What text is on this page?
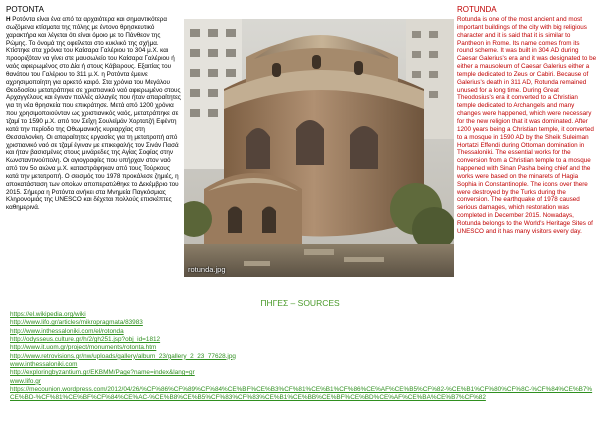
ΡΟΤΟΝΤΑ

Η Ροτόντα είναι ένα από τα αρχαιότερα και σημαντικότερα σωζόμενα κτίσματα της πόλης με έντονο θρησκευτικό χαρακτήρα και λέγεται ότι είναι όμοιο με το Πάνθεον της Ρώμης. Το όνομά της οφείλεται στο κυκλικό της σχήμα. Κτίστηκε στα χρόνια του Καίσαρα Γαλέριου το 304 μ.Χ. και προοριζόταν να γίνει στε μαυσωλείο του Καίσαρα Γαλέριου ή ναός αφιερωμένος στο Δία ή στους Κάβειρους. Εξαιτίας του θανάτου του Γαλέριου το 311 μ.Χ. η Ροτόντα έμεινε αχρησιμοποίητη για αρκετό καιρό. Στα χρόνια του Μεγάλου Θεοδοσίου μετατράπηκε σε χριστιανικό ναό αφιερωμένο στους Αρχαγγέλους και έγιναν πολλές αλλαγές που ήταν απαραίτητες για τη νέα θρησκεία που επικράτησε. Μετά από 1200 χρόνια που χρησιμοποιούνταν ως χριστιανικός ναός, μετατράπηκε σε τζαμί το 1590 μ.Χ. από τον Σεΐχη Σουλεϊμάν Χορτατζή Εφέντη κατά την περίοδο της Οθωμανικής κυριαρχίας στη Θεσσαλονίκη. Οι απαραίτητες εργασίες για τη μετατροπή από χριστιανικό ναό σε τζαμί έγιναν με επικεφαλής τον Σινάν Πασά και ήταν βασισμένες στους μινάρεδες της Αγίας Σοφίας στην Κωνσταντινούπολη. Οι αγιογραφίες που υπήρχαν στον ναό από τον 5ο αιώνα μ.Χ. καταστράφηκαν από τους Τούρκους κατά την μετατροπή. Ο σεισμός του 1978 προκάλεσε ζημιές, η αποκατάσταση των οποίων αποπερατώθηκε το Δεκέμβριο του 2015. Σήμερα η Ροτόντα ανήκει στα Μνημεία Παγκόσμιας Κληρονομιάς της UNESCO και δέχεται πολλούς επισκέπτες καθημερινά.

rotunda.jpg
ROTUNDA

Rotunda is one of the most ancient and most important buildings of the city with big religious character and it is said that it is similar to Pantheon in Rome. Its name comes from its round scheme. It was built in 304 AD during Caesar Galerius's era and it was designated to be either a mausoleum of Caesar Galerius either a temple dedicated to Zeus or Cabiri. Because of Galerius's death in 311 AD, Rotunda remained unused for a long time. During Great Theodosius's era it converted to a Christian temple dedicated to Archangels and many changes were happened, which were necessary for the new religion that it was dominated. After 1200 years being a Christian temple, it converted to a mosque in 1590 AD by the Sheik Suleiman Hortatzi Effendi during Ottoman domination in Thessaloniki. The essential works for the conversion from a Christian temple to a mosque happened with Sinan Pasha being chief and the works were based on the minarets of Hagia Sophia in Constantinople. The icons over there were destroyed by the Turks during the conversion. The earthquake of 1978 caused serious damages, which restoration was completed in December 2015. Nowadays, Rotunda belongs to the World's Heritage Sites of UNESCO and it has many visitors every day.

ΠΗΓΕΣ – SOURCES
https://el.wikipedia.org/wiki
http://www.lifo.gr/articles/mikropragmata/83983
http://www.inthessaloniki.com/el/rotonda
http://odysseus.culture.gr/h/2/gh251.jsp?obj_id=1812
http://www.it.uom.gr/project/monuments/rotonta.htm
http://www.retrovisions.gr/nw/uploads/gallery/album_23/gallery_2_23_77628.jpg
www.inthessaloniki.com
http://exploringbyzantium.gr/EKBMM/Page?name=index&lang=gr
www.lifo.gr
https://mecounion.wordpress.com/2012/04/26/%CF%86%CF%89%CF%84%CE%BF%CE%B3%CF%81%CE%B1%CF%86%CE%AF%CE%B5%CF%82-%CE%B1%CF%80%CF%8C-%CF%84%CE%B7%CE%BD-%CF%81%CE%BF%CF%84%CE%AC-%CE%B8%CE%B5%CF%83%CF%83%CE%B1%CE%BB%CE%BF%CE%BD%CE%AF%CE%BA%CE%B7%CF%82
